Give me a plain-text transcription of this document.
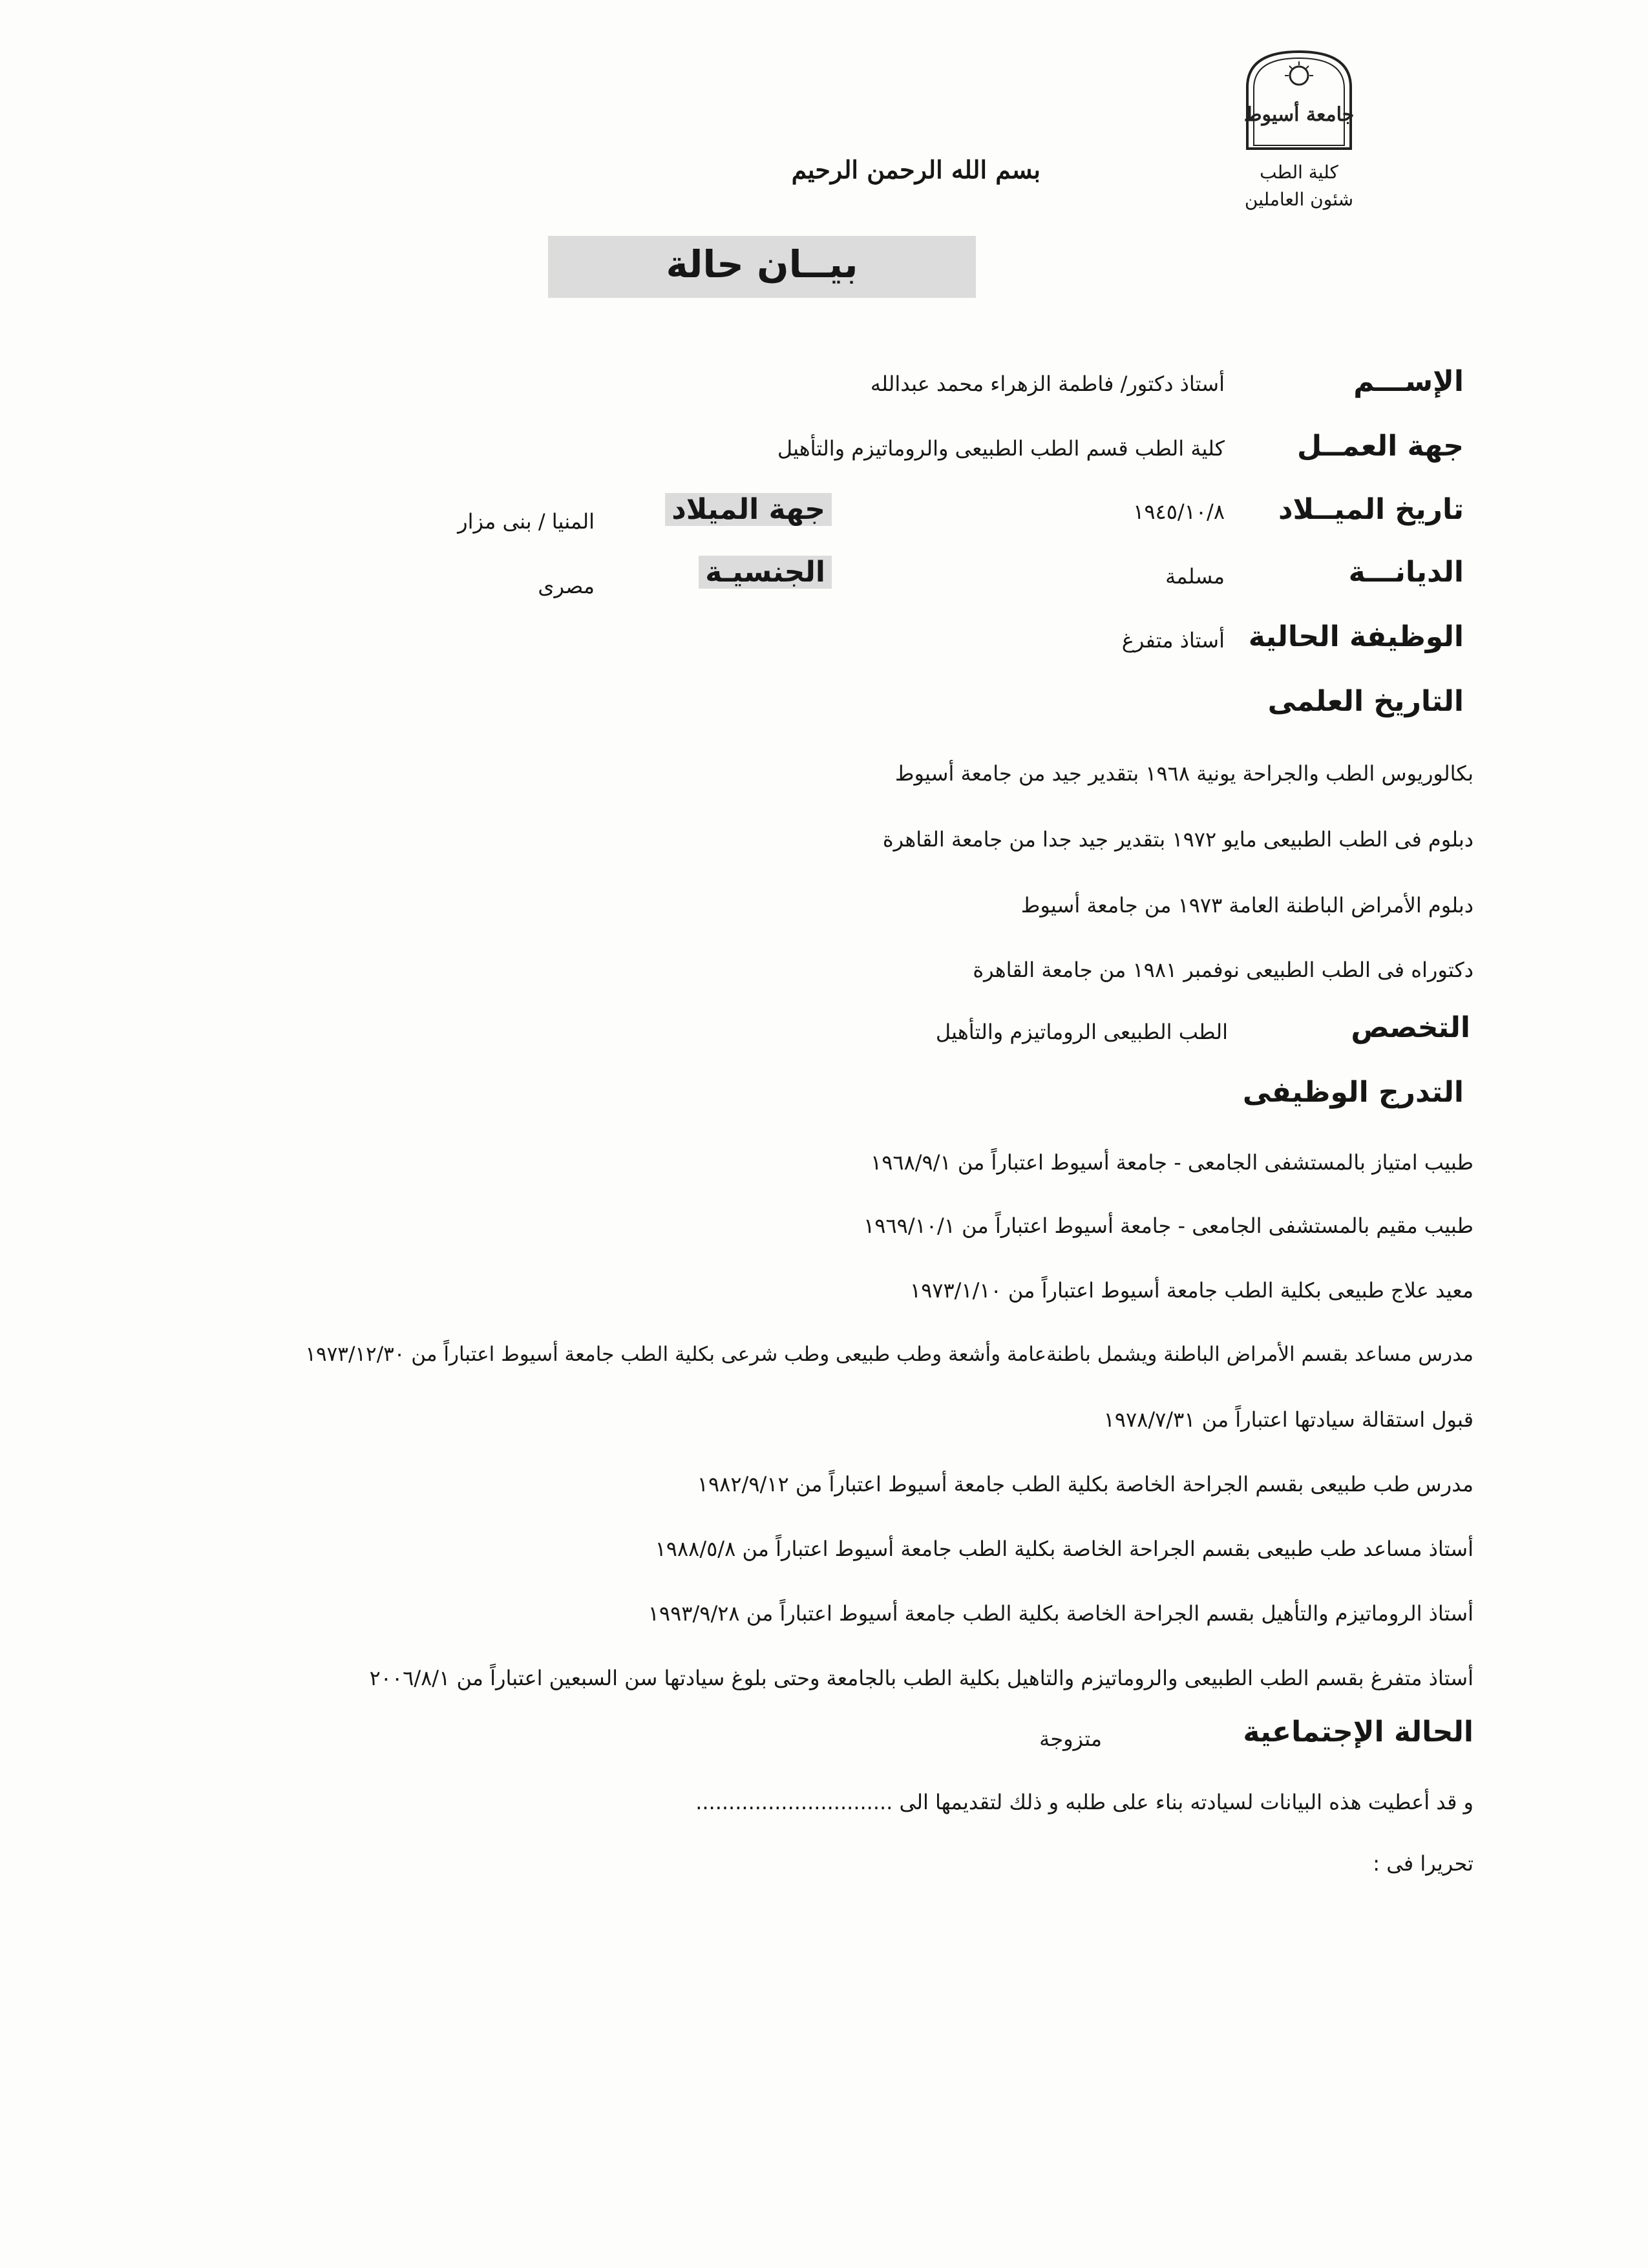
جامعة أسيوط
كلية الطب
شئون العاملين
بسم الله الرحمن الرحيم
بيــان حالة
الإســـم
أستاذ دكتور/ فاطمة الزهراء محمد عبدالله
جهة العمــل
كلية الطب قسم الطب الطبيعى والروماتيزم والتأهيل
تاريخ الميــلاد
١٩٤٥/١٠/٨
جهة الميلاد
المنيا / بنى مزار
الديانـــة
مسلمة
الجنسيـة
مصرى
الوظيفة الحالية
أستاذ متفرغ
التاريخ العلمى
بكالوريوس الطب والجراحة يونية ١٩٦٨ بتقدير جيد من جامعة أسيوط
دبلوم فى الطب الطبيعى مايو ١٩٧٢ بتقدير جيد جدا من جامعة القاهرة
دبلوم الأمراض الباطنة العامة ١٩٧٣ من جامعة أسيوط
دكتوراه فى الطب الطبيعى نوفمبر ١٩٨١ من جامعة القاهرة
التخصص
الطب الطبيعى الروماتيزم والتأهيل
التدرج الوظيفى
طبيب امتياز بالمستشفى الجامعى - جامعة أسيوط اعتباراً من ١٩٦٨/٩/١
طبيب مقيم بالمستشفى الجامعى - جامعة أسيوط اعتباراً من ١٩٦٩/١٠/١
معيد علاج طبيعى بكلية الطب جامعة أسيوط اعتباراً من ١٩٧٣/١/١٠
مدرس مساعد بقسم الأمراض الباطنة ويشمل باطنةعامة وأشعة وطب طبيعى وطب شرعى بكلية الطب جامعة أسيوط اعتباراً من ١٩٧٣/١٢/٣٠
قبول استقالة سيادتها اعتباراً من ١٩٧٨/٧/٣١
مدرس طب طبيعى بقسم الجراحة الخاصة بكلية الطب جامعة أسيوط اعتباراً من ١٩٨٢/٩/١٢
أستاذ مساعد طب طبيعى بقسم الجراحة الخاصة بكلية الطب جامعة أسيوط اعتباراً من ١٩٨٨/٥/٨
أستاذ الروماتيزم والتأهيل بقسم الجراحة الخاصة بكلية الطب جامعة أسيوط اعتباراً من ١٩٩٣/٩/٢٨
أستاذ متفرغ بقسم الطب الطبيعى والروماتيزم والتاهيل بكلية الطب بالجامعة وحتى بلوغ سيادتها سن السبعين اعتباراً من ٢٠٠٦/٨/١
الحالة الإجتماعية
متزوجة
و قد أعطيت هذه البيانات لسيادته بناء على طلبه و ذلك لتقديمها الى ..............................
تحريرا فى :
